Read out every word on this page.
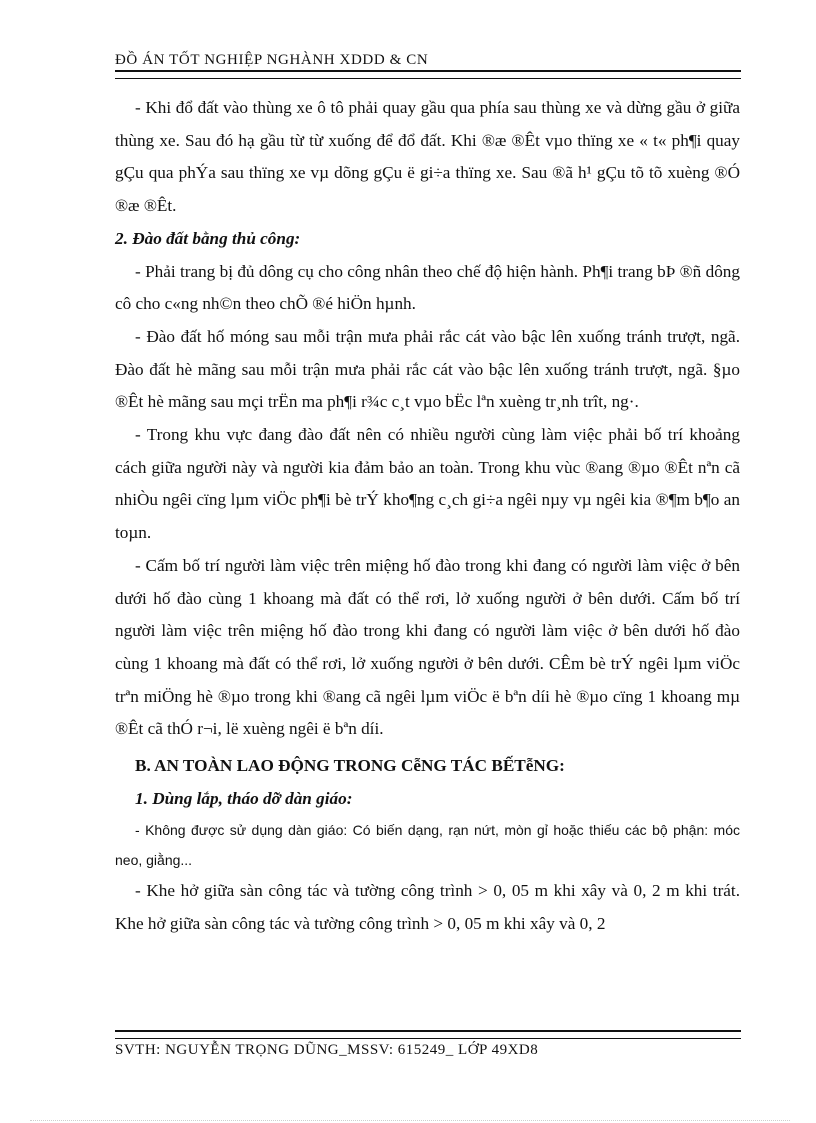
ĐỒ ÁN TỐT NGHIỆP NGHÀNH XDDD & CN

- Khi đổ đất vào thùng xe ô tô phải quay gầu qua phía sau thùng xe và dừng gầu ở giữa thùng xe. Sau đó hạ gầu từ từ xuống để đổ đất. Khi ®æ ®Êt vµo thïng xe « t« ph¶i quay gÇu qua phÝa sau thïng xe vµ dõng gÇu ë gi÷a thïng xe. Sau ®ã h¹ gÇu tõ tõ xuèng ®Ó ®æ ®Êt.

2. Đào đất bằng thủ công:

- Phải trang bị đủ dông cụ cho công nhân theo chế độ hiện hành. Ph¶i trang bÞ ®ñ dông cô cho c«ng nh©n theo chÕ ®é hiÖn hµnh.

- Đào đất hố móng sau mỗi trận mưa phải rắc cát vào bậc lên xuống tránh trượt, ngã. Đào đất hè mãng sau mỗi trận mưa phải rắc cát vào bậc lên xuống tránh trượt, ngã. §µo ®Êt hè mãng sau mçi trËn ma ph¶i r¾c c¸t vµo bËc lªn xuèng tr¸nh trît, ng·.

- Trong khu vực đang đào đất nên có nhiều người cùng làm việc phải bố trí khoảng cách giữa người này và người kia đảm bảo an toàn. Trong khu vùc ®ang ®µo ®Êt nªn cã nhiÒu ngêi cïng lµm viÖc ph¶i bè trÝ kho¶ng c¸ch gi÷a ngêi nµy vµ ngêi kia ®¶m b¶o an toµn.

- Cấm bố trí người làm việc trên miệng hố đào trong khi đang có người làm việc ở bên dưới hố đào cùng 1 khoang mà đất có thể rơi, lở xuống người ở bên dưới. Cấm bố trí người làm việc trên miệng hố đào trong khi đang có người làm việc ở bên dưới hố đào cùng 1 khoang mà đất có thể rơi, lở xuống người ở bên dưới. CÊm bè trÝ ngêi lµm viÖc trªn miÖng hè ®µo trong khi ®ang cã ngêi lµm viÖc ë bªn díi hè ®µo cïng 1 khoang mµ ®Êt cã thÓ r¬i, lë xuèng ngêi ë bªn díi.

B. AN TOÀN LAO ĐỘNG TRONG CễNG TÁC BẾTễNG:

1. Dùng lắp, tháo dỡ dàn giáo:

- Không được sử dụng dàn giáo: Có biến dạng, rạn nứt, mòn gỉ hoặc thiếu các bộ phận: móc neo, giằng...

- Khe hở giữa sàn công tác và tường công trình > 0, 05 m khi xây và 0, 2 m khi trát. Khe hở giữa sàn công tác và tường công trình > 0, 05 m khi xây và 0, 2

SVTH: NGUYỄN TRỌNG DŨNG_MSSV: 615249_ LỚP 49XD8
